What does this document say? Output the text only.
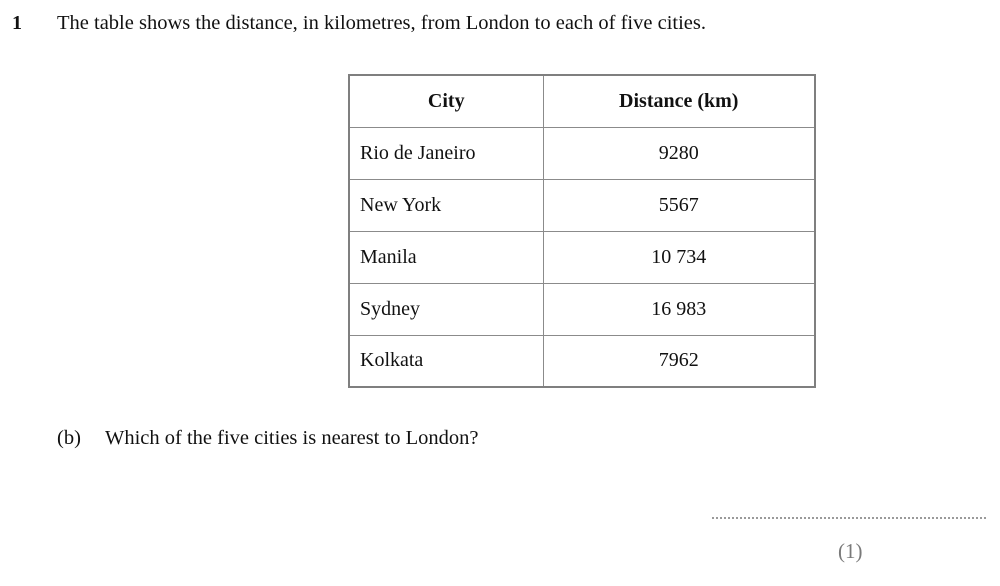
1 The table shows the distance, in kilometres, from London to each of five cities.
City	Distance (km)
Rio de Janeiro	9280
New York	5567
Manila	10 734
Sydney	16 983
Kolkata	7962
(b) Which of the five cities is nearest to London?
(1)
